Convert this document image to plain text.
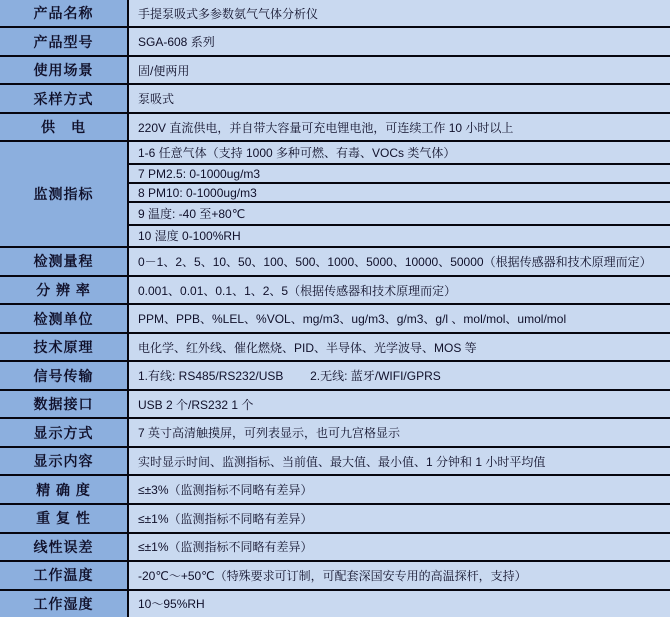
产品名称	手提泵吸式多参数氨气气体分析仪
产品型号	SGA-608 系列
使用场景	固/便两用
采样方式	泵吸式
供　电	220V 直流供电，并自带大容量可充电锂电池，可连续工作 10 小时以上
监测指标	1-6 任意气体（支持 1000 多种可燃、有毒、VOCs 类气体）
	7 PM2.5: 0-1000ug/m3
	8 PM10: 0-1000ug/m3
	9 温度: -40 至+80℃
	10 湿度 0-100%RH
检测量程	0－1、2、5、10、50、100、500、1000、5000、10000、50000（根据传感器和技术原理而定）
分 辨 率	0.001、0.01、0.1、1、2、5（根据传感器和技术原理而定）
检测单位	PPM、PPB、%LEL、%VOL、mg/m3、ug/m3、g/m3、g/l 、mol/mol、umol/mol
技术原理	电化学、红外线、催化燃烧、PID、半导体、光学波导、MOS 等
信号传输	1.有线: RS485/RS232/USB        2.无线: 蓝牙/WIFI/GPRS
数据接口	USB 2 个/RS232 1 个
显示方式	7 英寸高清触摸屏，可列表显示，也可九宫格显示
显示内容	实时显示时间、监测指标、当前值、最大值、最小值、1 分钟和 1 小时平均值
精 确 度	≤±3%（监测指标不同略有差异）
重 复 性	≤±1%（监测指标不同略有差异）
线性误差	≤±1%（监测指标不同略有差异）
工作温度	-20℃～+50℃（特殊要求可订制，可配套深国安专用的高温探杆，支持）
工作湿度	10～95%RH
